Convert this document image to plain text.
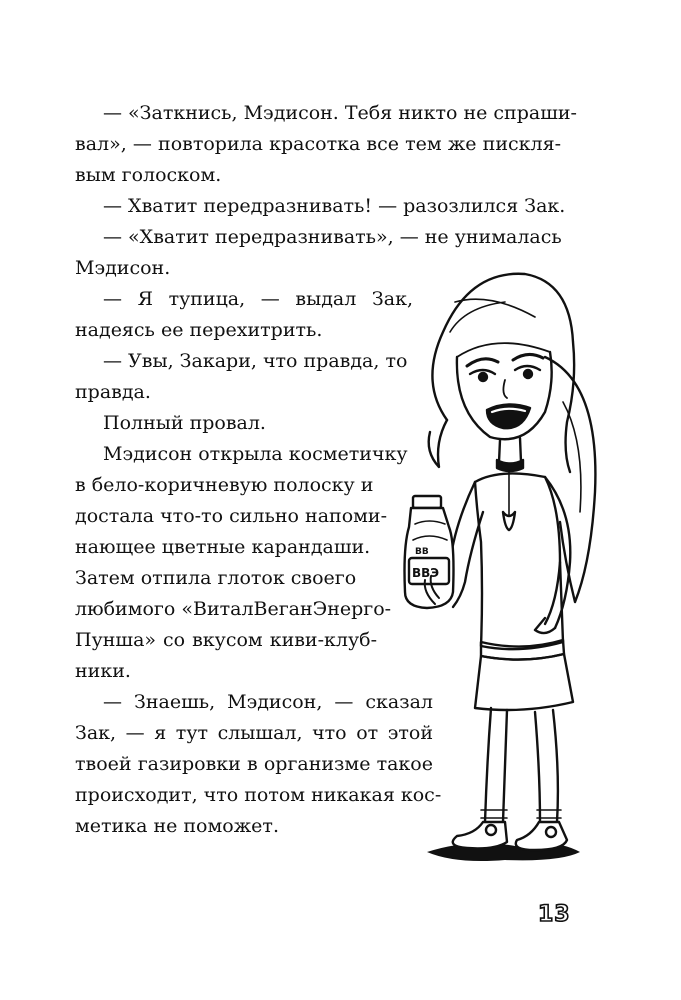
— «Заткнись, Мэдисон. Тебя никто не спраши-
вал», — повторила красотка все тем же пискля-
вым голоском.
— Хватит передразнивать! — разозлился Зак.
— «Хватит передразнивать», — не унималась
Мэдисон.
— Я тупица, — выдал Зак,
надеясь ее перехитрить.
— Увы, Закари, что правда, то
правда.
Полный провал.
Мэдисон открыла косметичку
в бело-коричневую полоску и
достала что-то сильно напоми-
нающее цветные карандаши.
Затем отпила глоток своего
любимого «ВиталВеганЭнерго-
Пунша» со вкусом киви-клуб-
ники.
— Знаешь, Мэдисон, — сказал
Зак, — я тут слышал, что от этой
твоей газировки в организме такое
происходит, что потом никакая кос-
метика не поможет.
ВВ
ВВЭ
13
